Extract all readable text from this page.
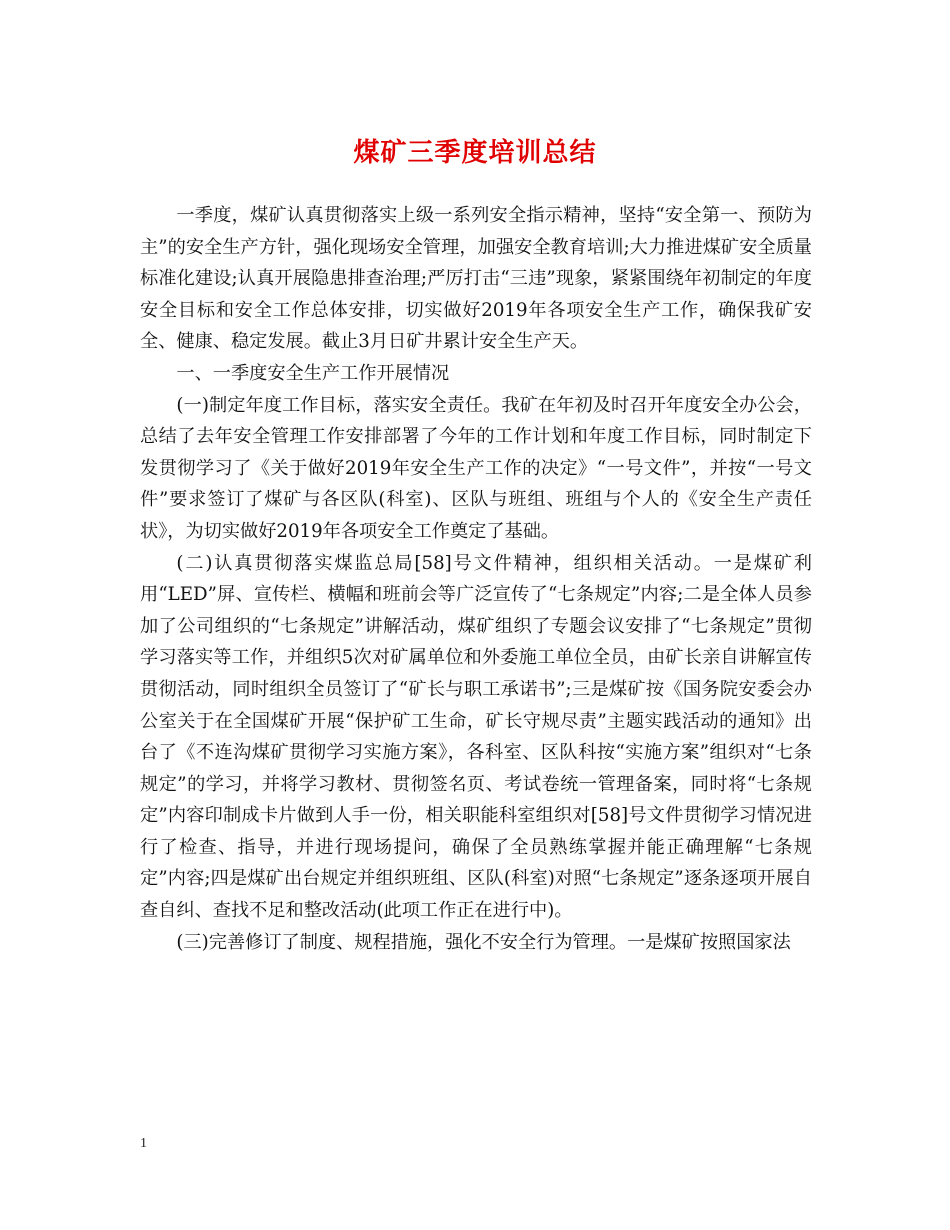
煤矿三季度培训总结

一季度，煤矿认真贯彻落实上级一系列安全指示精神，坚持“安全第一、预防为主”的安全生产方针，强化现场安全管理，加强安全教育培训;大力推进煤矿安全质量标准化建设;认真开展隐患排查治理;严厉打击“三违”现象，紧紧围绕年初制定的年度安全目标和安全工作总体安排，切实做好2019年各项安全生产工作，确保我矿安全、健康、稳定发展。截止3月日矿井累计安全生产天。

一、一季度安全生产工作开展情况

(一)制定年度工作目标，落实安全责任。我矿在年初及时召开年度安全办公会，总结了去年安全管理工作安排部署了今年的工作计划和年度工作目标，同时制定下发贯彻学习了《关于做好2019年安全生产工作的决定》“一号文件”，并按“一号文件”要求签订了煤矿与各区队(科室)、区队与班组、班组与个人的《安全生产责任状》，为切实做好2019年各项安全工作奠定了基础。

(二)认真贯彻落实煤监总局[58]号文件精神，组织相关活动。一是煤矿利用“LED”屏、宣传栏、横幅和班前会等广泛宣传了“七条规定”内容;二是全体人员参加了公司组织的“七条规定”讲解活动，煤矿组织了专题会议安排了“七条规定”贯彻学习落实等工作，并组织5次对矿属单位和外委施工单位全员，由矿长亲自讲解宣传贯彻活动，同时组织全员签订了“矿长与职工承诺书”;三是煤矿按《国务院安委会办公室关于在全国煤矿开展“保护矿工生命，矿长守规尽责”主题实践活动的通知》出台了《不连沟煤矿贯彻学习实施方案》，各科室、区队科按“实施方案”组织对“七条规定”的学习，并将学习教材、贯彻签名页、考试卷统一管理备案，同时将“七条规定”内容印制成卡片做到人手一份，相关职能科室组织对[58]号文件贯彻学习情况进行了检查、指导，并进行现场提问，确保了全员熟练掌握并能正确理解“七条规定”内容;四是煤矿出台规定并组织班组、区队(科室)对照“七条规定”逐条逐项开展自查自纠、查找不足和整改活动(此项工作正在进行中)。

(三)完善修订了制度、规程措施，强化不安全行为管理。一是煤矿按照国家法

1
